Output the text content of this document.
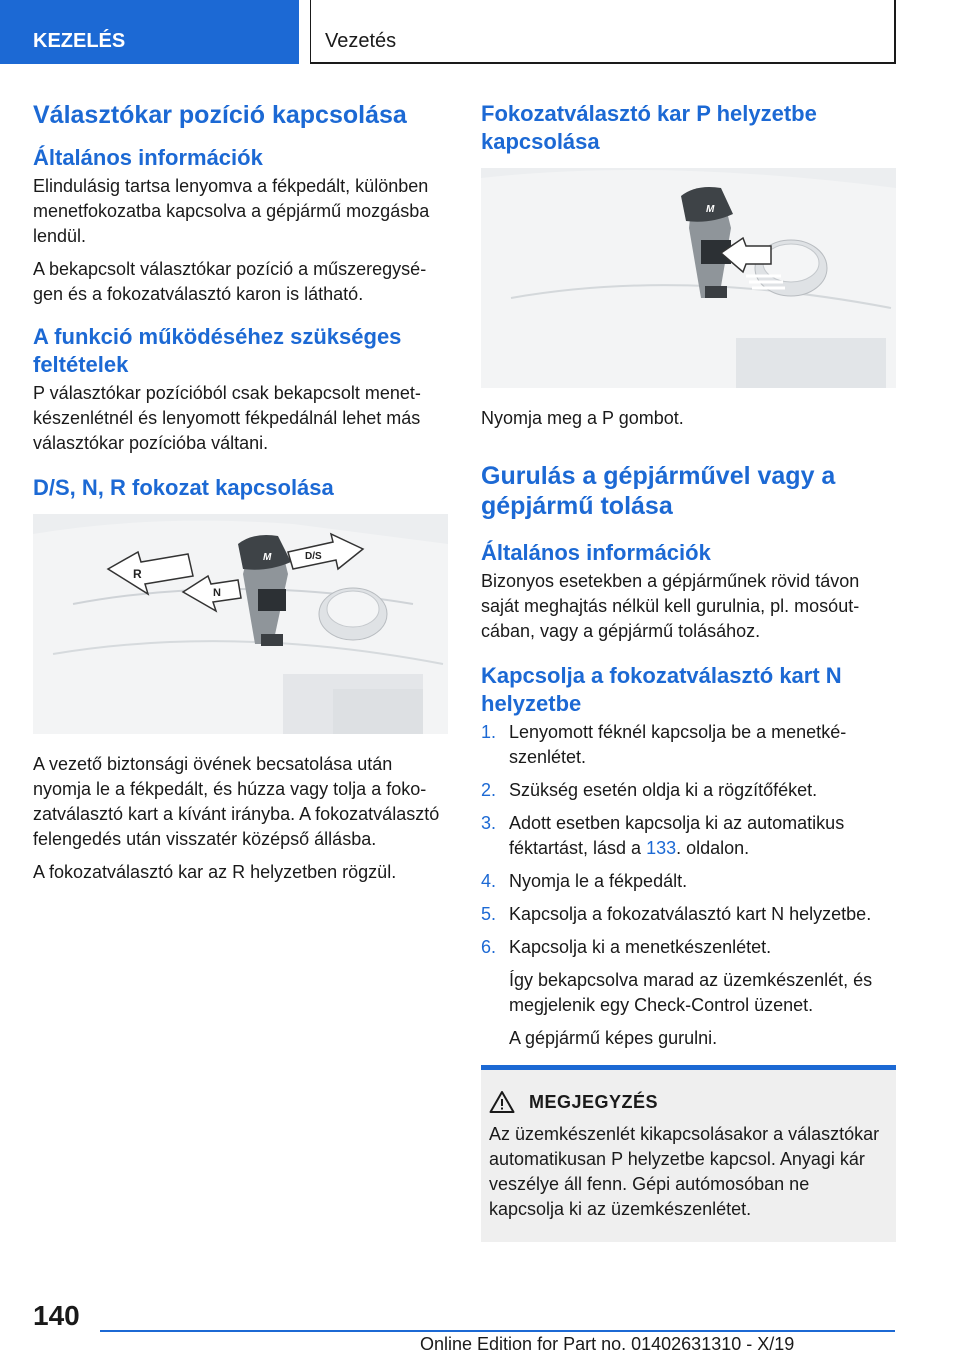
KEZELÉS	Vezetés
Választókar pozíció kapcsolása
Általános információk

Elindulásig tartsa lenyomva a fékpedált, különben menetfokozatba kapcsolva a gépjármű mozgásba lendül.

A bekapcsolt választókar pozíció a műszeregységen és a fokozatválasztó karon is látható.

A funkció működéséhez szükséges feltételek

P választókar pozícióból csak bekapcsolt menetkészenlétnél és lenyomott fékpedálnál lehet más választókar pozícióba váltani.

D/S, N, R fokozat kapcsolása
M
R
N
D/S

A vezető biztonsági övének becsatolása után nyomja le a fékpedált, és húzza vagy tolja a fokozatválasztó kart a kívánt irányba. A fokozatválasztó felengedés után visszatér középső állásba.

A fokozatválasztó kar az R helyzetben rögzül.

Fokozatválasztó kar P helyzetbe kapcsolása
M

Nyomja meg a P gombot.

Gurulás a gépjárművel vagy a gépjármű tolása
Általános információk

Bizonyos esetekben a gépjárműnek rövid távon saját meghajtás nélkül kell gurulnia, pl. mosóutcában, vagy a gépjármű tolásához.

Kapcsolja a fokozatválasztó kart N helyzetbe
1. Lenyomott féknél kapcsolja be a menetkészenlétet.
2. Szükség esetén oldja ki a rögzítőféket.
3. Adott esetben kapcsolja ki az automatikus féktartást, lásd a 133. oldalon.
4. Nyomja le a fékpedált.
5. Kapcsolja a fokozatválasztó kart N helyzetbe.
6. Kapcsolja ki a menetkészenlétet.

Így bekapcsolva marad az üzemkészenlét, és megjelenik egy Check-Control üzenet.

A gépjármű képes gurulni.

MEGJEGYZÉS

Az üzemkészenlét kikapcsolásakor a választókar automatikusan P helyzetbe kapcsol. Anyagi kár veszélye áll fenn. Gépi autómosóban ne kapcsolja ki az üzemkészenlétet.

140
Online Edition for Part no. 01402631310 - X/19
